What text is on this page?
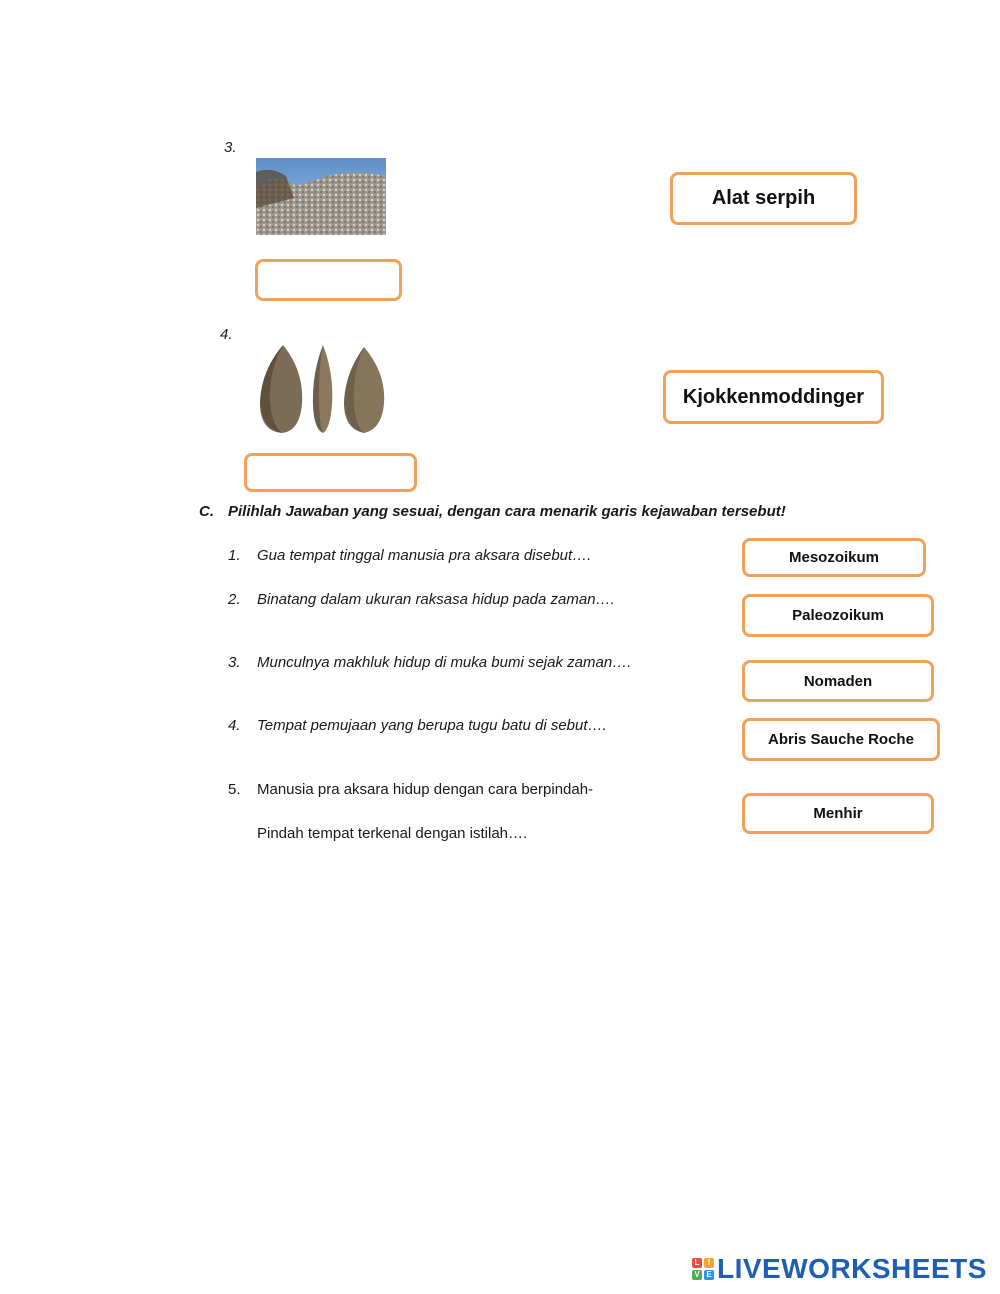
3.
Alat serpih
4.
Kjokkenmoddinger
C. Pilihlah Jawaban yang sesuai, dengan cara menarik garis kejawaban tersebut!
1. Gua tempat tinggal manusia pra aksara disebut….
2. Binatang dalam ukuran raksasa hidup pada zaman….
3. Munculnya makhluk hidup di muka bumi sejak zaman….
4. Tempat pemujaan yang berupa tugu batu di sebut….
5. Manusia pra aksara hidup dengan cara berpindah-
Pindah tempat terkenal dengan istilah….
Mesozoikum
Paleozoikum
Nomaden
Abris Sauche Roche
Menhir
L	I
V E LIVEWORKSHEETS
